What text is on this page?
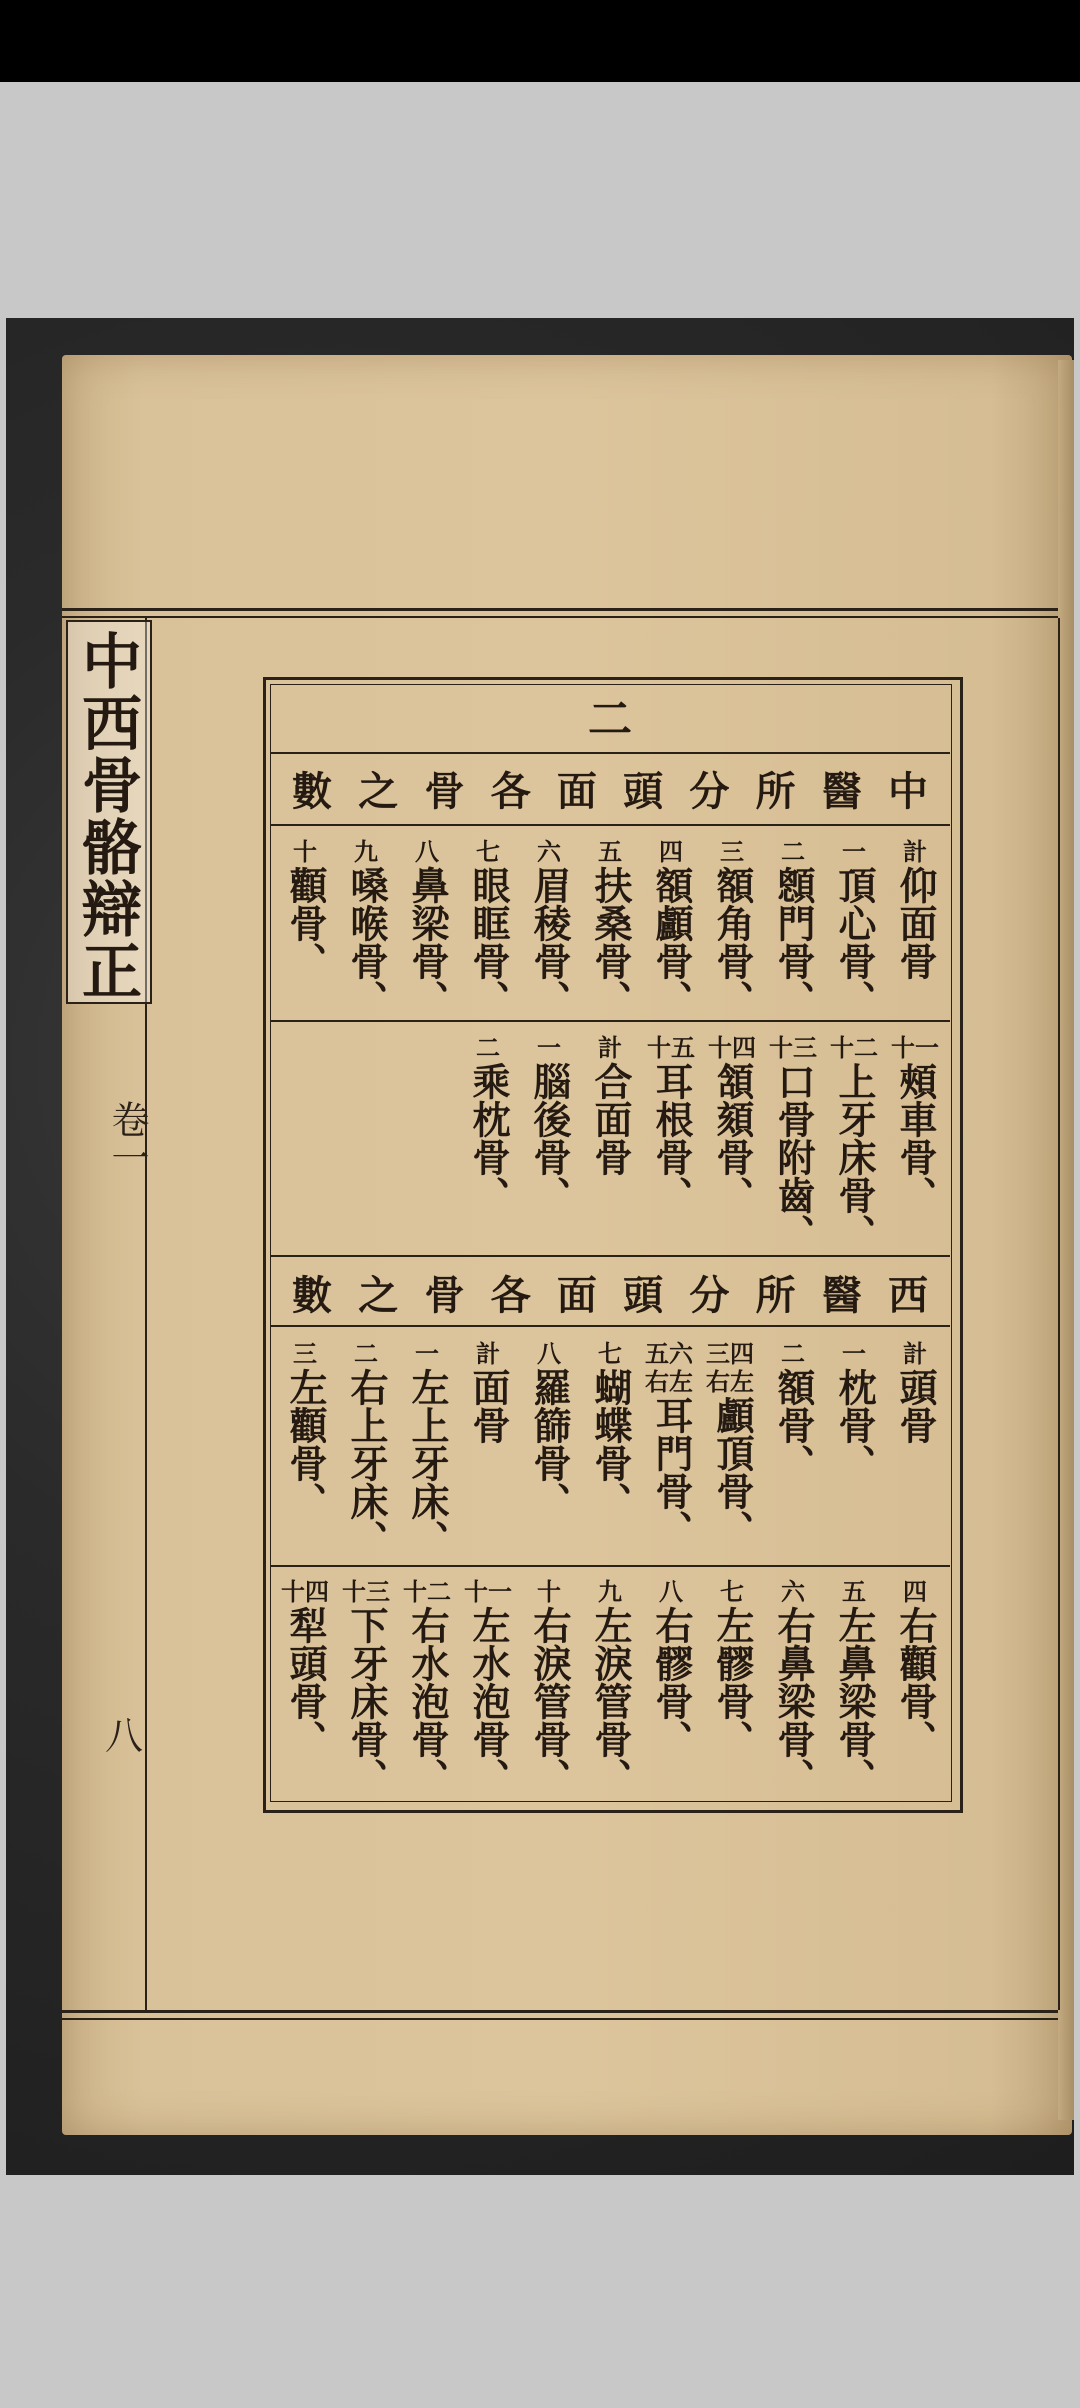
中西骨骼辯正
卷一
八
二
中
醫
所
分
頭
面
各
骨
之
數
西
醫
所
分
頭
面
各
骨
之
數
計
仰面骨
一
頂心骨、
二
顖門骨、
三
額角骨、
四
額顱骨、
五
扶桑骨、
六
眉稜骨、
七
眼眶骨、
八
鼻梁骨、
九
嗓喉骨、
十
顴骨、
十一
頰車骨、
十二
上牙床骨、
十三
口骨附齒、
十四
頷頦骨、
十五
耳根骨、
計
合面骨
一
腦後骨、
二
乘枕骨、
計
頭骨
一
枕骨、
二
額骨、
三四右左
顱頂骨、
五六右左
耳門骨、
七
蝴蝶骨、
八
羅篩骨、
計
面骨
一
左上牙床、
二
右上牙床、
三
左顴骨、
四
右顴骨、
五
左鼻梁骨、
六
右鼻梁骨、
七
左髎骨、
八
右髎骨、
九
左淚管骨、
十
右淚管骨、
十一
左水泡骨、
十二
右水泡骨、
十三
下牙床骨、
十四
犁頭骨、
